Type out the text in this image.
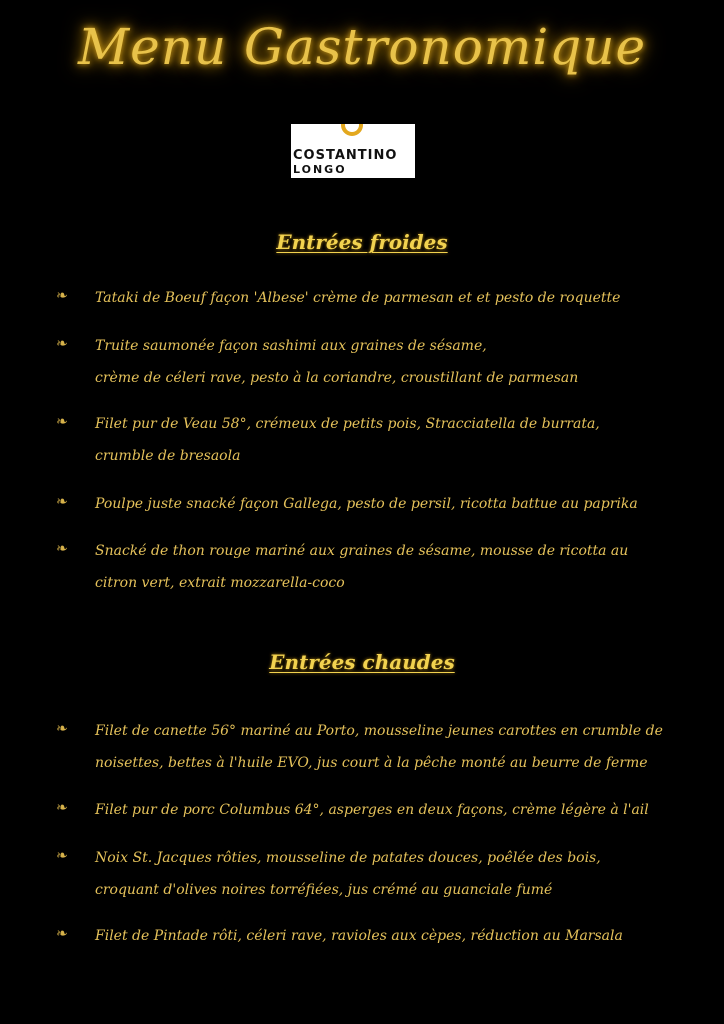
Menu Gastronomique
COSTANTINO
LONGO
Entrées froides
❧ Tataki de Boeuf façon 'Albese' crème de parmesan et et pesto de roquette
❧ Truite saumonée façon sashimi aux graines de sésame,
crème de céleri rave, pesto à la coriandre, croustillant de parmesan
❧ Filet pur de Veau 58°, crémeux de petits pois, Stracciatella de burrata,
crumble de bresaola
❧ Poulpe juste snacké façon Gallega, pesto de persil, ricotta battue au paprika
❧ Snacké de thon rouge mariné aux graines de sésame, mousse de ricotta au
citron vert, extrait mozzarella-coco
Entrées chaudes
❧ Filet de canette 56° mariné au Porto, mousseline jeunes carottes en crumble de
noisettes, bettes à l'huile EVO, jus court à la pêche monté au beurre de ferme
❧ Filet pur de porc Columbus 64°, asperges en deux façons, crème légère à l'ail
❧ Noix St. Jacques rôties, mousseline de patates douces, poêlée des bois,
croquant d'olives noires torréfiées, jus crémé au guanciale fumé
❧ Filet de Pintade rôti, céleri rave, ravioles aux cèpes, réduction au Marsala
